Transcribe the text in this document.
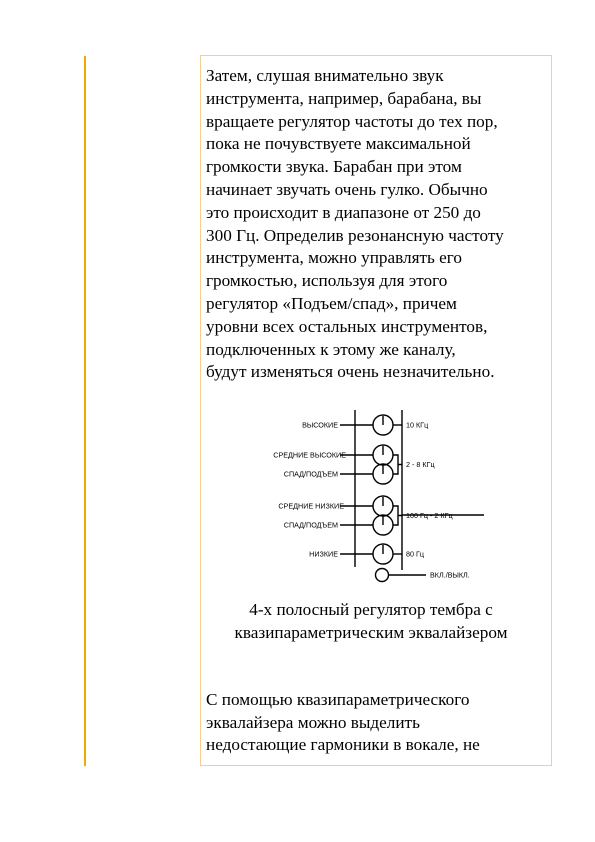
Затем, слушая внимательно звук
инструмента, например, барабана, вы
вращаете регулятор частоты до тех пор,
пока не почувствуете максимальной
громкости звука. Барабан при этом
начинает звучать очень гулко. Обычно
это происходит в диапазоне от 250 до
300 Гц. Определив резонансную частоту
инструмента, можно управлять его
громкостью, используя для этого
регулятор «Подъем/спад», причем
уровни всех остальных инструментов,
подключенных к этому же каналу,
будут изменяться очень незначительно.

ВЫСОКИЕ
СРЕДНИЕ ВЫСОКИЕ
СПАД/ПОДЪЕМ
СРЕДНИЕ НИЗКИЕ
СПАД/ПОДЪЕМ
НИЗКИЕ
10 КГц
2 - 8 КГц
100 Гц - 2 КГц
80 Гц
ВКЛ./ВЫКЛ.

4-х полосный регулятор тембра с
квазипараметрическим эквалайзером

С помощью квазипараметрического
эквалайзера можно выделить
недостающие гармоники в вокале, не
